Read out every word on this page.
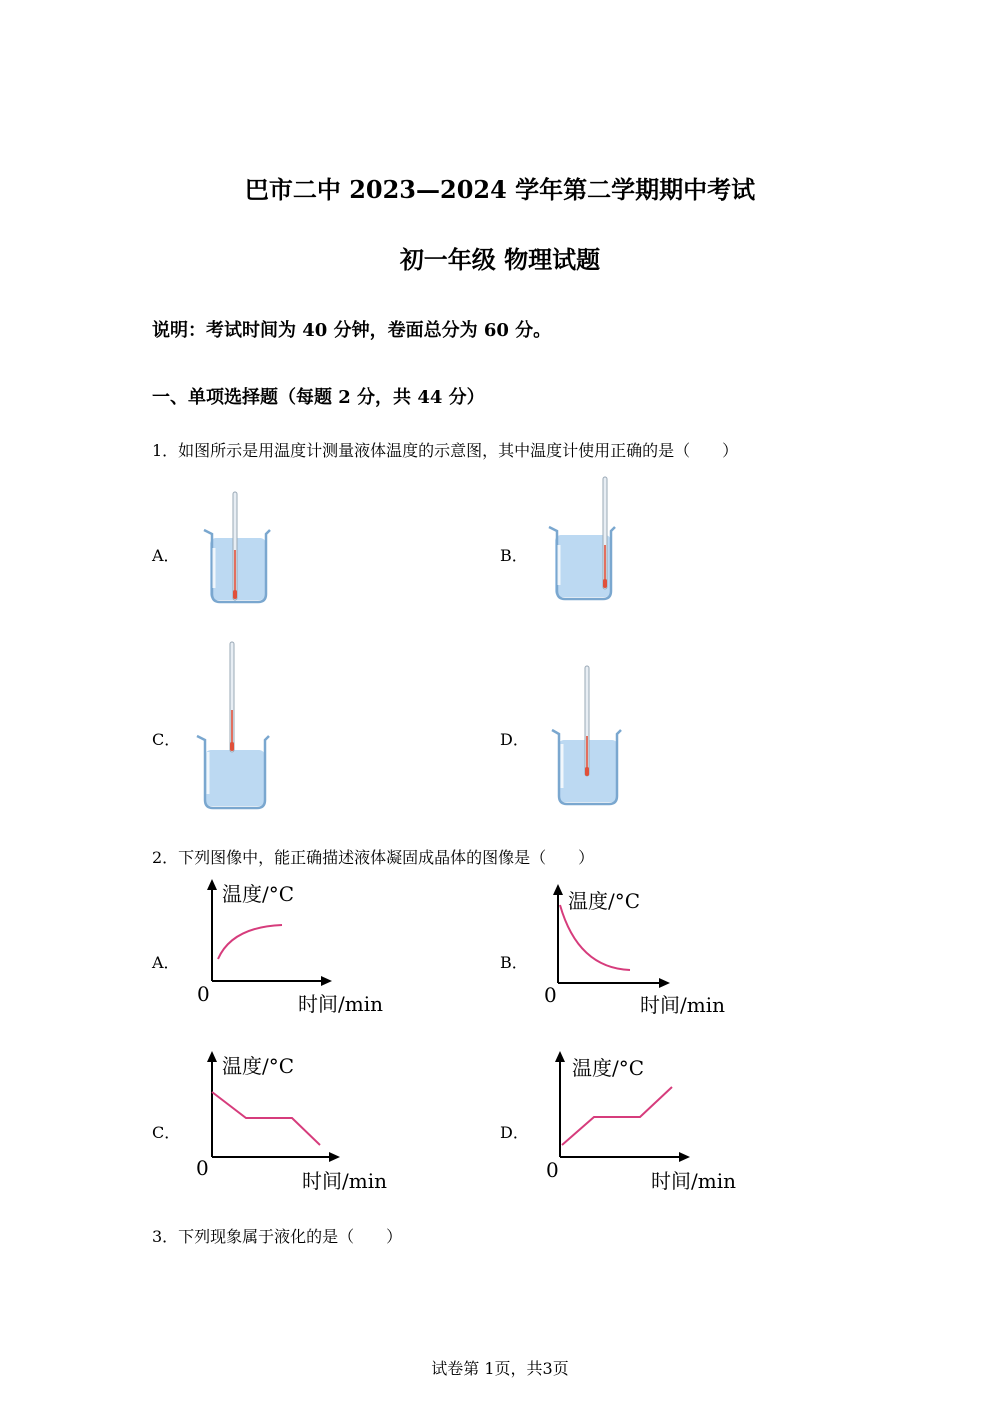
巴市二中 2023—2024 学年第二学期期中考试
初一年级 物理试题
说明：考试时间为 40 分钟，卷面总分为 60 分。
一、单项选择题（每题 2 分，共 44 分）
1．如图所示是用温度计测量液体温度的示意图，其中温度计使用正确的是（　　）
A．	B．
C．	D．
2．下列图像中，能正确描述液体凝固成晶体的图像是（　　）
A．	B．
C．	D．
温度/°C
0	时间/min
温度/°C
0	时间/min
温度/°C
0
时间/min
温度/°C
0	时间/min
3．下列现象属于液化的是（　　）
试卷第 1页，共3页
